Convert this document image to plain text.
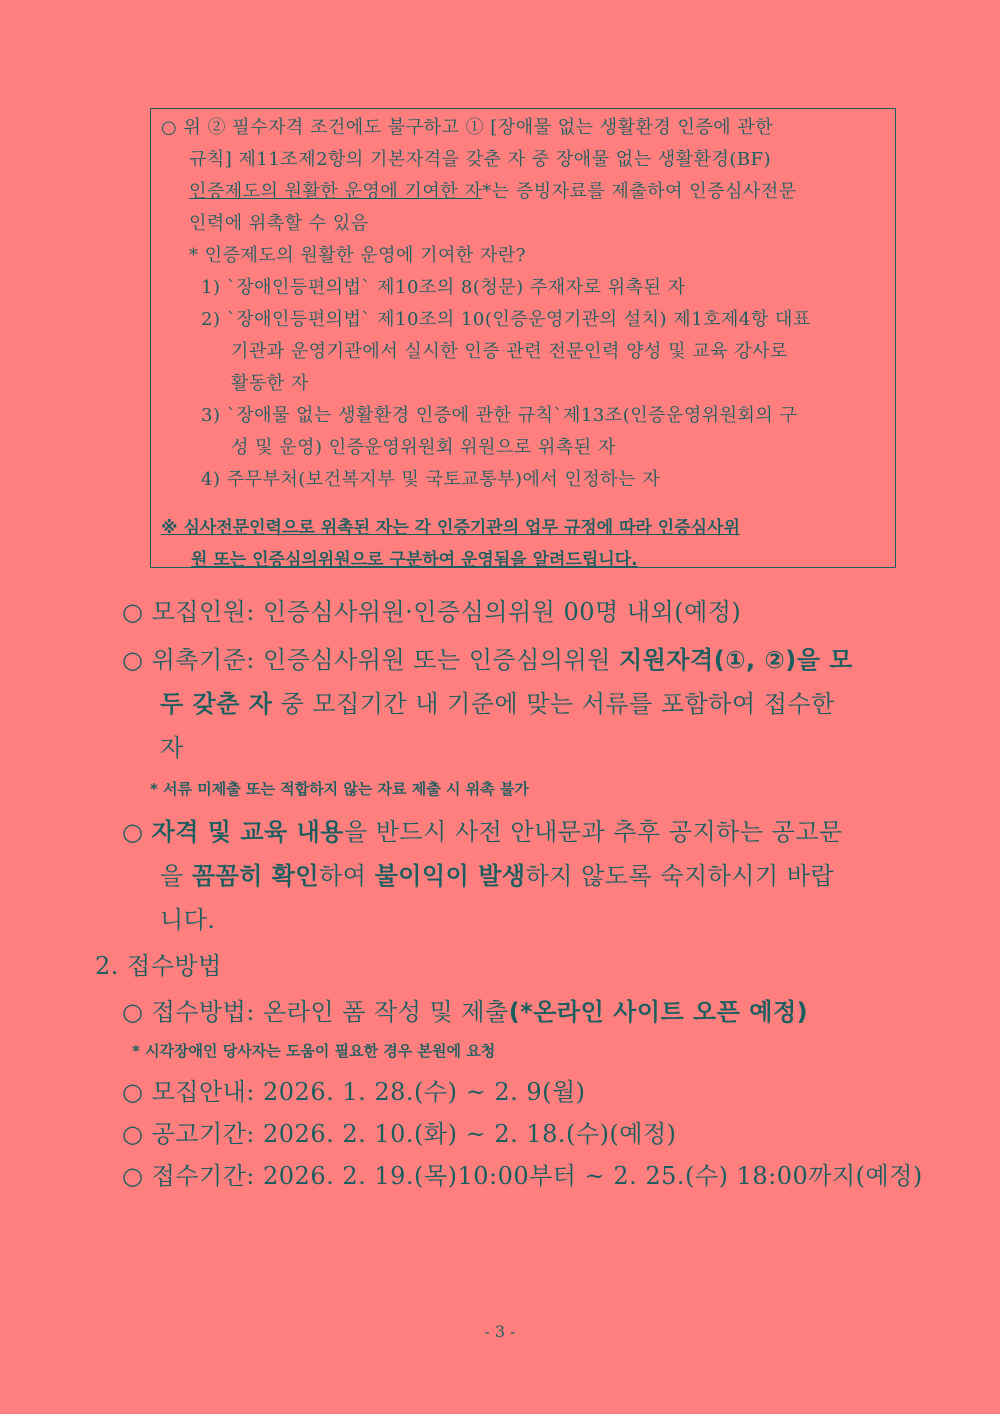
○ 위 ② 필수자격 조건에도 불구하고 ① [장애물 없는 생활환경 인증에 관한
규칙] 제11조제2항의 기본자격을 갖춘 자 중 장애물 없는 생활환경(BF)
인증제도의 원활한 운영에 기여한 자*는 증빙자료를 제출하여 인증심사전문
인력에 위촉할 수 있음
* 인증제도의 원활한 운영에 기여한 자란?
1) `장애인등편의법` 제10조의 8(청문) 주재자로 위촉된 자
2) `장애인등편의법` 제10조의 10(인증운영기관의 설치) 제1호제4항 대표
기관과 운영기관에서 실시한 인증 관련 전문인력 양성 및 교육 강사로
활동한 자
3) `장애물 없는 생활환경 인증에 관한 규칙`제13조(인증운영위원회의 구
성 및 운영) 인증운영위원회 위원으로 위촉된 자
4) 주무부처(보건복지부 및 국토교통부)에서 인정하는 자
※ 심사전문인력으로 위촉된 자는 각 인증기관의 업무 규정에 따라 인증심사위
원 또는 인증심의위원으로 구분하여 운영됨을 알려드립니다.
○ 모집인원: 인증심사위원·인증심의위원 00명 내외(예정)
○ 위촉기준: 인증심사위원 또는 인증심의위원 지원자격(①, ②)을 모
두 갖춘 자 중 모집기간 내 기준에 맞는 서류를 포함하여 접수한
자
* 서류 미제출 또는 적합하지 않는 자료 제출 시 위촉 불가
○ 자격 및 교육 내용을 반드시 사전 안내문과 추후 공지하는 공고문
을 꼼꼼히 확인하여 불이익이 발생하지 않도록 숙지하시기 바랍
니다.
2. 접수방법
○ 접수방법: 온라인 폼 작성 및 제출(*온라인 사이트 오픈 예정)
* 시각장애인 당사자는 도움이 필요한 경우 본원에 요청
○ 모집안내: 2026. 1. 28.(수) ~ 2. 9(월)
○ 공고기간: 2026. 2. 10.(화) ~ 2. 18.(수)(예정)
○ 접수기간: 2026. 2. 19.(목)10:00부터 ~ 2. 25.(수) 18:00까지(예정)
- 3 -
